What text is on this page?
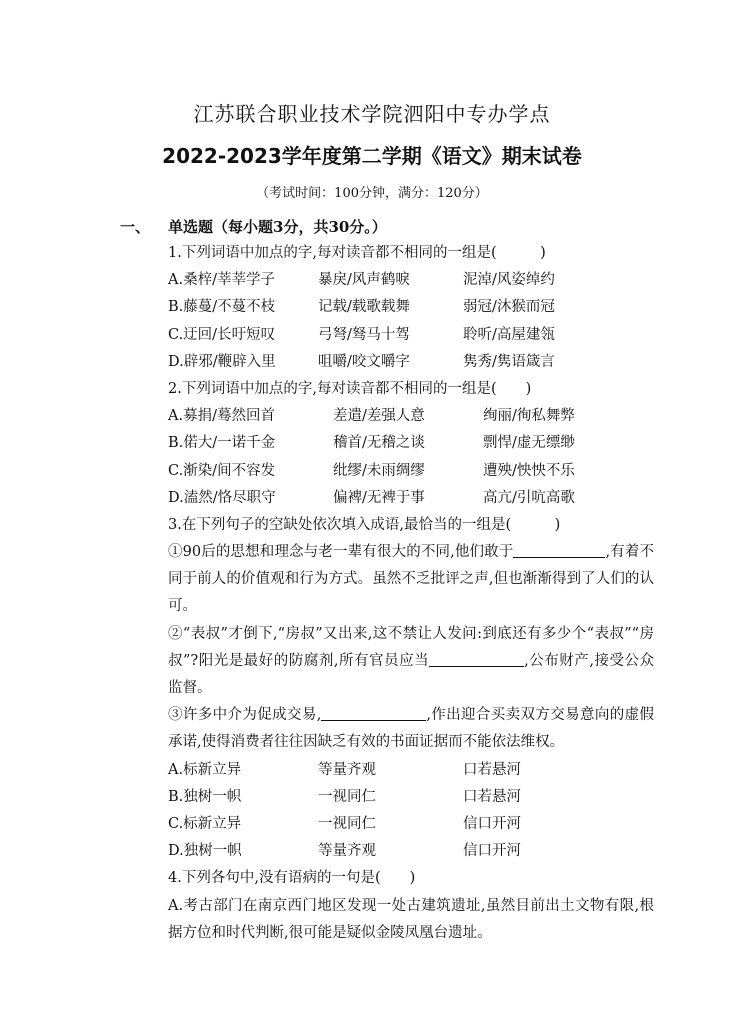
江苏联合职业技术学院泗阳中专办学点
2022-2023学年度第二学期《语文》期末试卷
（考试时间：100分钟，满分：120分）
一、 单选题（每小题3分，共30分。）
1.下列词语中加点的字,每对读音都不相同的一组是(　　　)
A.桑梓/莘莘学子	暴戾/风声鹤唳	泥淖/风姿绰约
B.藤蔓/不蔓不枝	记载/载歌载舞	弱冠/沐猴而冠
C.迂回/长吁短叹	弓弩/驽马十驾	聆听/高屋建瓴
D.辟邪/鞭辟入里	咀嚼/咬文嚼字	隽秀/隽语箴言
2.下列词语中加点的字,每对读音都不相同的一组是(　　)
A.募捐/蓦然回首	差遣/差强人意	绚丽/徇私舞弊
B.偌大/一诺千金	稽首/无稽之谈	剽悍/虚无缥缈
C.渐染/间不容发	纰缪/未雨绸缪	遭殃/怏怏不乐
D.溘然/恪尽职守	偏裨/无裨于事	高亢/引吭高歌
3.在下列句子的空缺处依次填入成语,最恰当的一组是(　　　)
①90后的思想和理念与老一辈有很大的不同,他们敢于	,有着不同于前人的价值观和行为方式。虽然不乏批评之声,但也渐渐得到了人们的认可。
②“表叔”才倒下,“房叔”又出来,这不禁让人发问:到底还有多少个“表叔”“房叔”?阳光是最好的防腐剂,所有官员应当	,公布财产,接受公众监督。
③许多中介为促成交易,	,作出迎合买卖双方交易意向的虚假承诺,使得消费者往往因缺乏有效的书面证据而不能依法维权。
A.标新立异	等量齐观	口若悬河
B.独树一帜	一视同仁	口若悬河
C.标新立异	一视同仁	信口开河
D.独树一帜	等量齐观	信口开河
4.下列各句中,没有语病的一句是(　　)
A.考古部门在南京西门地区发现一处古建筑遗址,虽然目前出土文物有限,根据方位和时代判断,很可能是疑似金陵凤凰台遗址。
